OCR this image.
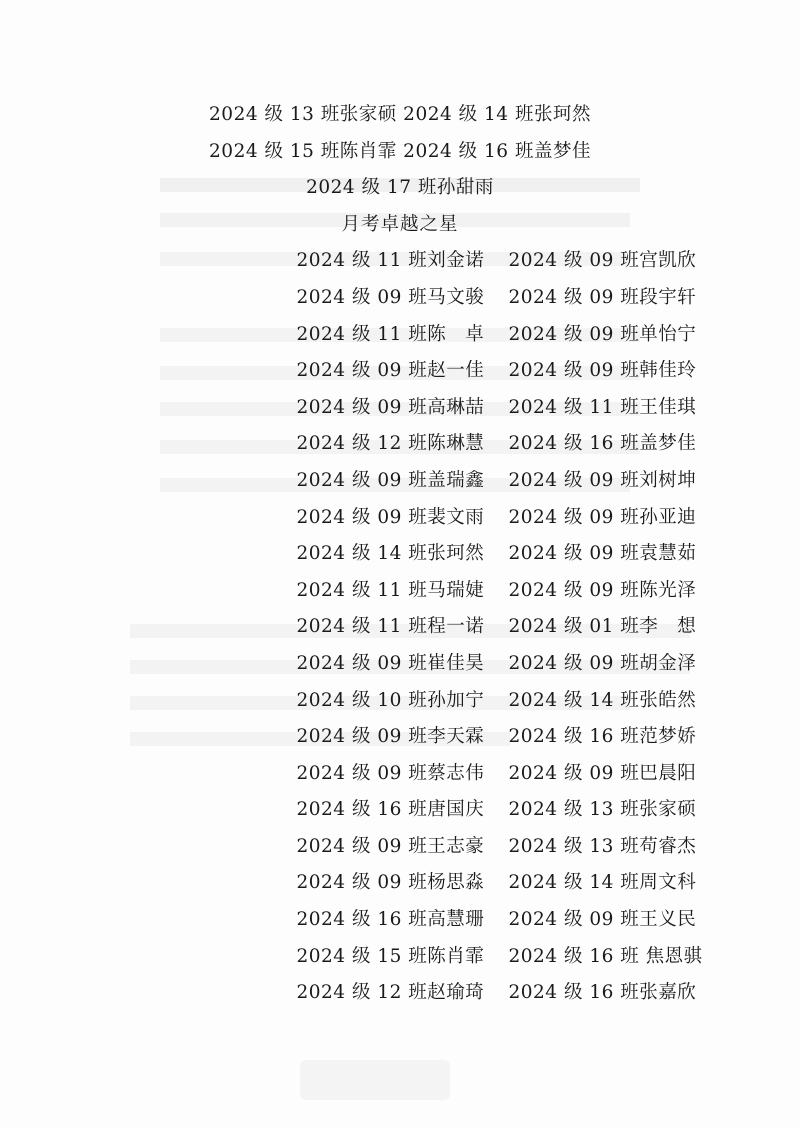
2024 级 13 班张家硕 2024 级 14 班张珂然
2024 级 15 班陈肖霏 2024 级 16 班盖梦佳
2024 级 17 班孙甜雨
月考卓越之星
2024 级 11 班刘金诺 2024 级 09 班宫凯欣
2024 级 09 班马文骏 2024 级 09 班段宇轩
2024 级 11 班陈　卓 2024 级 09 班单怡宁
2024 级 09 班赵一佳 2024 级 09 班韩佳玲
2024 级 09 班高琳喆 2024 级 11 班王佳琪
2024 级 12 班陈琳慧 2024 级 16 班盖梦佳
2024 级 09 班盖瑞鑫 2024 级 09 班刘树坤
2024 级 09 班裴文雨 2024 级 09 班孙亚迪
2024 级 14 班张珂然 2024 级 09 班袁慧茹
2024 级 11 班马瑞婕 2024 级 09 班陈光泽
2024 级 11 班程一诺 2024 级 01 班李　想
2024 级 09 班崔佳昊 2024 级 09 班胡金泽
2024 级 10 班孙加宁 2024 级 14 班张皓然
2024 级 09 班李天霖 2024 级 16 班范梦娇
2024 级 09 班蔡志伟 2024 级 09 班巴晨阳
2024 级 16 班唐国庆 2024 级 13 班张家硕
2024 级 09 班王志豪 2024 级 13 班苟睿杰
2024 级 09 班杨思淼 2024 级 14 班周文科
2024 级 16 班高慧珊 2024 级 09 班王义民
2024 级 15 班陈肖霏 2024 级 16 班 焦恩骐
2024 级 12 班赵瑜琦 2024 级 16 班张嘉欣
